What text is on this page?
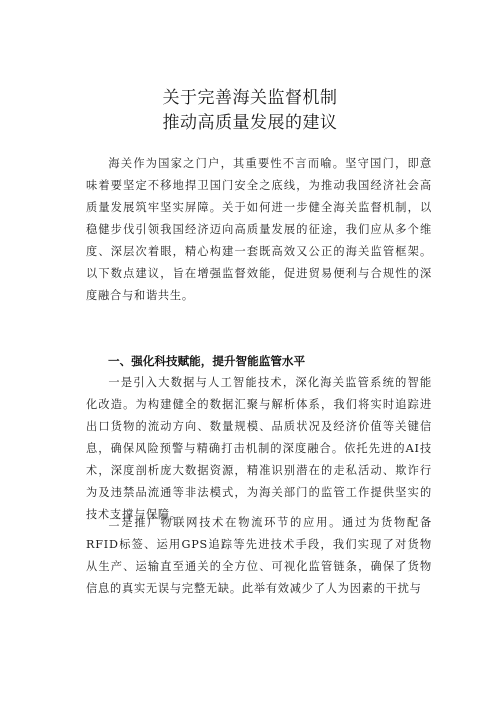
关于完善海关监督机制
推动高质量发展的建议

海关作为国家之门户，其重要性不言而喻。坚守国门，即意味着要坚定不移地捍卫国门安全之底线，为推动我国经济社会高质量发展筑牢坚实屏障。关于如何进一步健全海关监督机制，以稳健步伐引领我国经济迈向高质量发展的征途，我们应从多个维度、深层次着眼，精心构建一套既高效又公正的海关监管框架。以下数点建议，旨在增强监督效能，促进贸易便利与合规性的深度融合与和谐共生。

一、强化科技赋能，提升智能监管水平

一是引入大数据与人工智能技术，深化海关监管系统的智能化改造。为构建健全的数据汇聚与解析体系，我们将实时追踪进出口货物的流动方向、数量规模、品质状况及经济价值等关键信息，确保风险预警与精确打击机制的深度融合。依托先进的AI技术，深度剖析庞大数据资源，精准识别潜在的走私活动、欺诈行为及违禁品流通等非法模式，为海关部门的监管工作提供坚实的技术支撑与保障。

二是推广物联网技术在物流环节的应用。通过为货物配备RFID标签、运用GPS追踪等先进技术手段，我们实现了对货物从生产、运输直至通关的全方位、可视化监管链条，确保了货物信息的真实无误与完整无缺。此举有效减少了人为因素的干扰与
